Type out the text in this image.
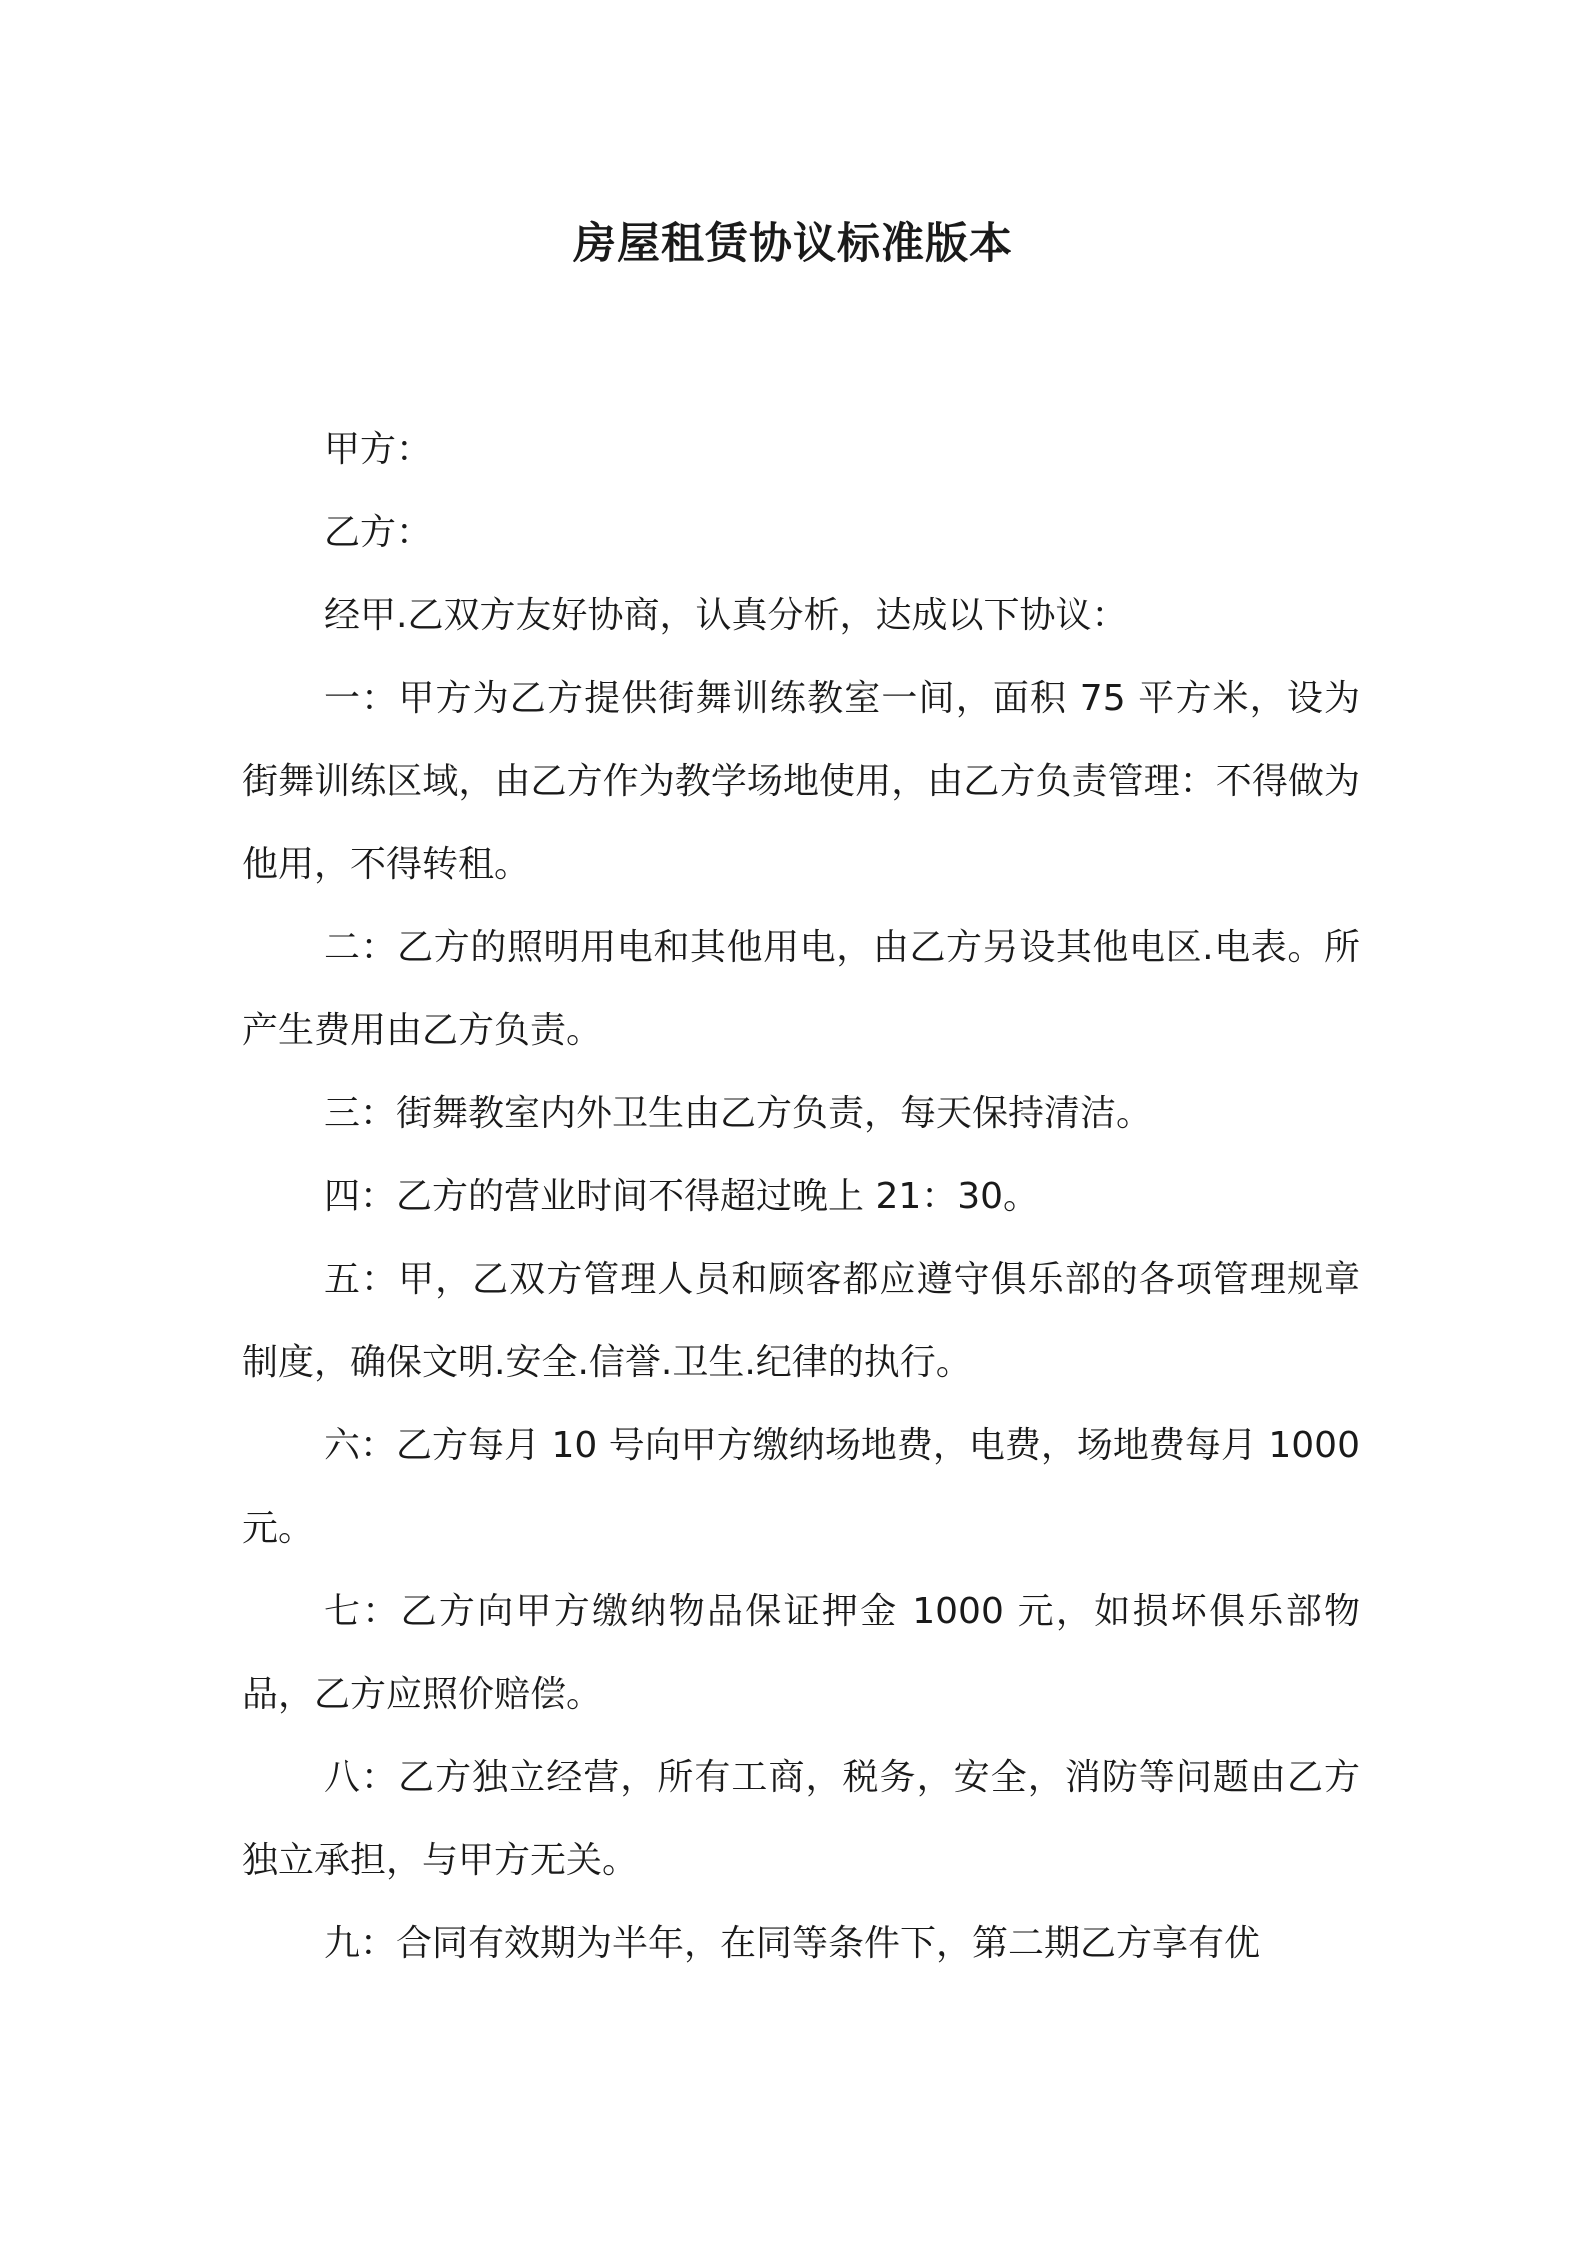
房屋租赁协议标准版本

甲方：

乙方：

经甲.乙双方友好协商，认真分析，达成以下协议：

一：甲方为乙方提供街舞训练教室一间，面积 75 平方米，设为街舞训练区域，由乙方作为教学场地使用，由乙方负责管理：不得做为他用，不得转租。

二：乙方的照明用电和其他用电，由乙方另设其他电区.电表。所产生费用由乙方负责。

三：街舞教室内外卫生由乙方负责，每天保持清洁。

四：乙方的营业时间不得超过晚上 21：30。

五：甲，乙双方管理人员和顾客都应遵守俱乐部的各项管理规章制度，确保文明.安全.信誉.卫生.纪律的执行。

六：乙方每月 10 号向甲方缴纳场地费，电费，场地费每月 1000 元。

七：乙方向甲方缴纳物品保证押金 1000 元，如损坏俱乐部物品，乙方应照价赔偿。

八：乙方独立经营，所有工商，税务，安全，消防等问题由乙方独立承担，与甲方无关。

九：合同有效期为半年，在同等条件下，第二期乙方享有优
